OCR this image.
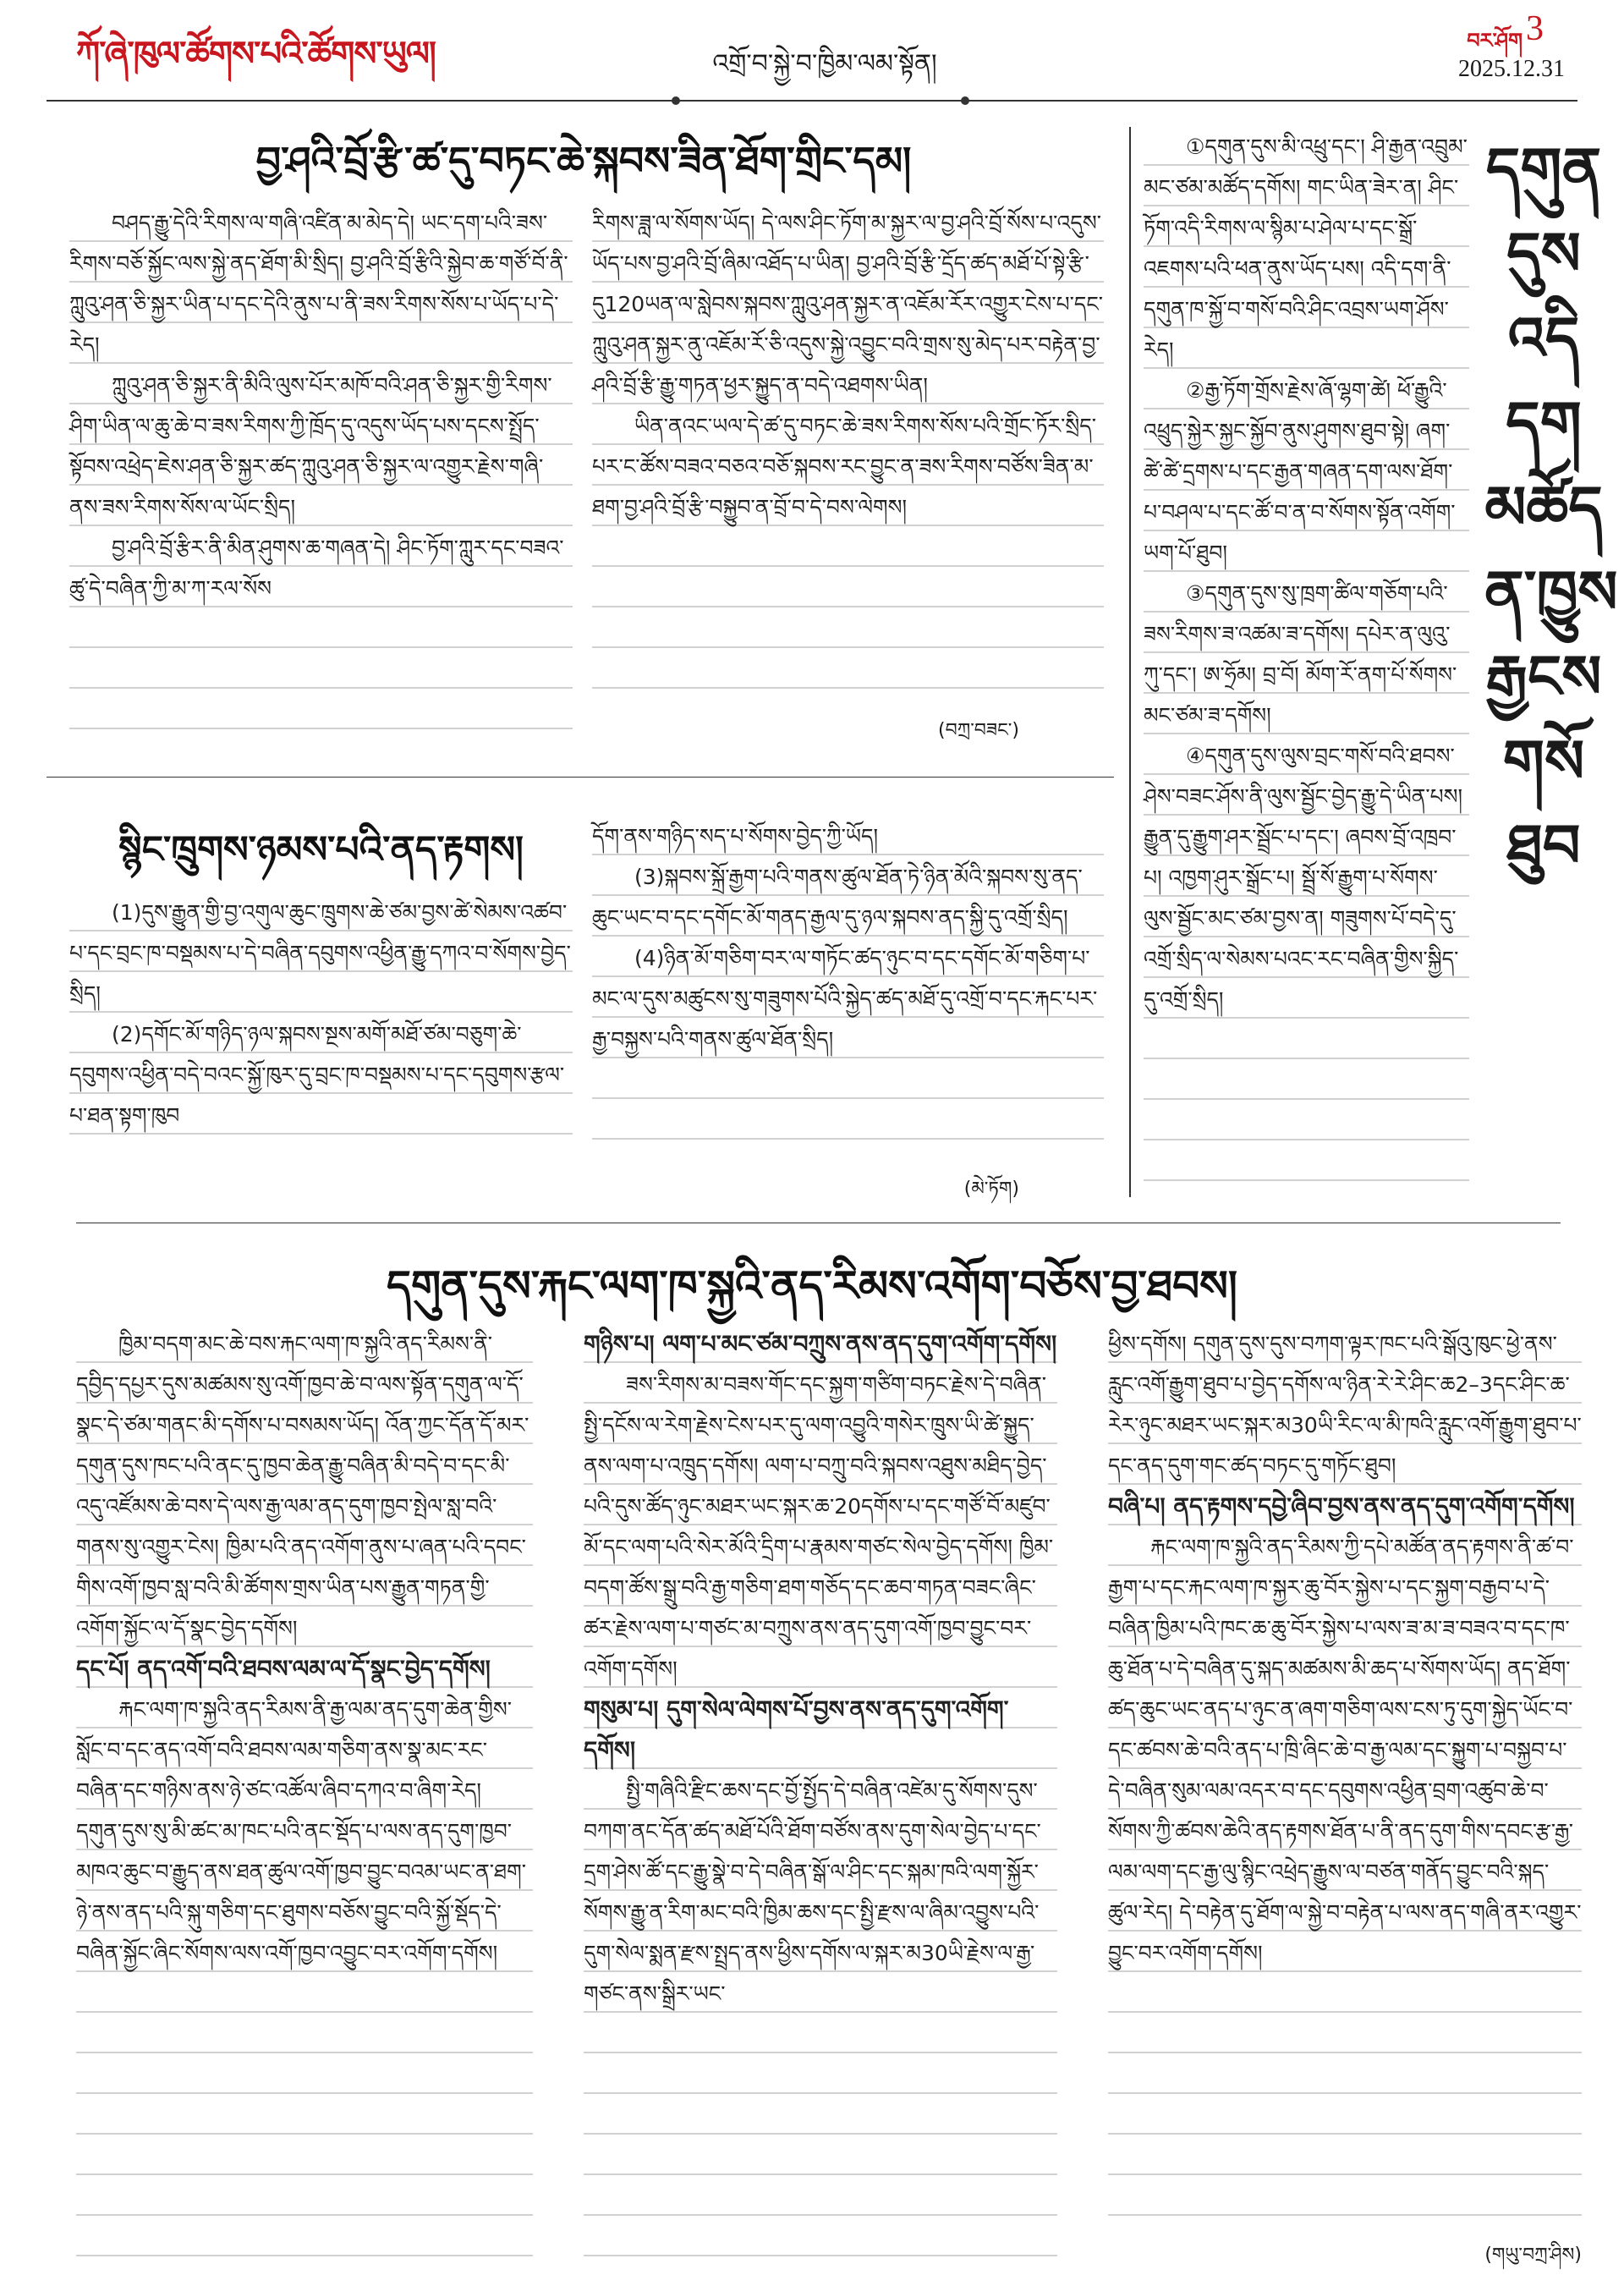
ཀོ་ཞེ་ཁུལ་ཚོགས་པའི་ཚོགས་ཡུལ།	འགྲོ་བ་སྐྱེ་བ་ཁྱིམ་ལམ་སྟོན།
བར་ཤོག 3
2025.12.31
བྱ་ཤའི་བྲོ་རྩི་ཚ་དུ་བཏང་ཆེ་སྐབས་ཟིན་ཐོག་གྲིང་དམ།

བཤད་རྒྱུ་དེའི་རིགས་ལ་གཞི་འཛིན་མ་མེད་དེ། ཡང་དག་པའི་ཟས་རིགས་བཅོ་སྐྱོང་ལས་སྐྱེ་ནད་ཐོག་མི་སྲིད། བྱ་ཤའི་བྲོ་རྩིའི་སྐྱེབ་ཆ་གཙོ་བོ་ནི་ཀླུའུ་ཤན་ཅི་སྐྱར་ཡིན་པ་དང་དེའི་ནུས་པ་ནི་ཟས་རིགས་སོས་པ་ཡོད་པ་དེ་རེད།

ཀླུའུ་ཤན་ཅི་སྐྱར་ནི་མིའི་ལུས་པོར་མཁོ་བའི་ཤན་ཅི་སྐྱར་གྱི་རིགས་ཤིག་ཡིན་ལ་ཆུ་ཆེ་བ་ཟས་རིགས་ཀྱི་ཁྲོད་དུ་འདུས་ཡོད་པས་དངས་སྤྲོད་སྟོབས་འཕྲེད་ཇེས་ཤན་ཅི་སྐྱར་ཚད་ཀླུའུ་ཤན་ཅི་སྐྱར་ལ་འགྱུར་རྗེས་གཞི་ནས་ཟས་རིགས་སོས་ལ་ཡོང་སྲིད།

བྱ་ཤའི་བྲོ་རྩིར་ནི་མིན་ཤུགས་ཆ་གཞན་དེ། ཤིང་ཏོག་ཀླུར་དང་བཟའ་ཚུ་དེ་བཞིན་ཀྱི་མ་ཀ་རལ་སོས

རིགས་ཟླ་ལ་སོགས་ཡོད། དེ་ལས་ཤིང་ཏོག་མ་སྐྱར་ལ་བྱ་ཤའི་བྲོ་སོས་པ་འདུས་ཡོད་པས་བྱ་ཤའི་བྲོ་ཞིམ་འཐོད་པ་ཡིན། བྱ་ཤའི་བྲོ་རྩི་དྲོད་ཚད་མཐོ་པོ་སྟེ་རྩི་དུ120ཡན་ལ་སླེབས་སྐབས་ཀླུའུ་ཤན་སྐྱར་ན་འཇོམ་རོར་འགྱུར་ངེས་པ་དང་ཀླུའུ་ཤན་སྐྱར་ནུ་འཇོམ་རོ་ཅི་འདུས་སྐྱེ་འབྱུང་བའི་གྲས་སུ་མེད་པར་བརྟེན་བྱ་ཤའི་བྲོ་རྩི་རྒྱུ་གཏན་ཕྱར་སྐྱུད་ན་བདེ་འཐགས་ཡིན།

ཡིན་ནའང་ཡལ་དེ་ཚ་དུ་བཏང་ཆེ་ཟས་རིགས་སོས་པའི་གྲོང་ཏོར་སྲིད་པར་ང་ཚོས་བཟའ་བཅའ་བཅོ་སྐབས་རང་བྱུང་ན་ཟས་རིགས་བཙོས་ཟིན་མ་ཐག་བྱ་ཤའི་བྲོ་རྩི་བསྐྱུབ་ན་བྲོ་བ་དེ་བས་ལེགས།

(བཀྲ་བཟང་)
སྙིང་ཁྲུགས་ཉམས་པའི་ནད་རྟགས།

(1)དུས་རྒྱུན་གྱི་བྱ་འགུལ་ཆུང་ཁྲུགས་ཆེ་ཙམ་བྱས་ཚེ་སེམས་འཚབ་པ་དང་བྲང་ཁ་བསྡམས་པ་དེ་བཞིན་དབུགས་འཕྱིན་རྒྱུ་དཀའ་བ་སོགས་བྱེད་སྲིད།

(2)དགོང་མོ་གཉིད་ཉལ་སྐབས་སྔས་མགོ་མཐོ་ཙམ་བཅུག་ཆེ་དབུགས་འཕྱིན་བདེ་བའང་སྐྱོ་ཁུར་དུ་བྲང་ཁ་བསྡམས་པ་དང་དབུགས་རྩལ་པ་ཐན་སྟག་ཁུབ

དོག་ནས་གཉིད་སད་པ་སོགས་བྱེད་ཀྱི་ཡོད།

(3)སྐབས་སྐྲོ་རྒྱག་པའི་གནས་ཚུལ་ཐོན་ཏེ་ཉིན་མོའི་སྐབས་སུ་ནད་ཆུང་ཡང་བ་དང་དགོང་མོ་གནད་རྒྱལ་དུ་ཉལ་སྐབས་ནད་སྐྱི་དུ་འགྲོ་སྲིད།

(4)ཉིན་མོ་གཅིག་བར་ལ་གཏོང་ཚད་ཉུང་བ་དང་དགོང་མོ་གཅིག་པ་མང་ལ་དུས་མཚུངས་སུ་གཟུགས་པོའི་སྐྱེད་ཚད་མཐོ་དུ་འགྲོ་བ་དང་རྐང་པར་རྒྱ་བསྐྱས་པའི་གནས་ཚུལ་ཐོན་སྲིད།

(མེ་ཏོག)

①དགུན་དུས་མི་འཕྲུ་དང་། ཤི་རྒྱན་འབྲུམ་མང་ཙམ་མཚོད་དགོས། གང་ཡིན་ཟེར་ན། ཤིང་ཏོག་འདི་རིགས་ལ་སྙིམ་པ་ཤེལ་པ་དང་སྒྲོ་འཇགས་པའི་ཕན་ནུས་ཡོད་པས། འདི་དག་ནི་དགུན་ཁ་སྐྱོ་བ་གསོ་བའི་ཤིང་འབྲས་ཡག་ཤོས་རེད།

②རྒྱ་ཏོག་གྲོས་རྗེས་ཞོ་ལྷག་ཚེ། ཕོ་རྒྱུའི་འཕྲུད་སྐྱེར་སྐྱང་སྐྱོབ་ནུས་ཤུགས་ཐུབ་སྟེ། ཞག་ཚེ་ཚེ་དྲགས་པ་དང་རྒྱན་གཞན་དག་ལས་ཐོག་པ་བཤལ་པ་དང་ཚོ་བ་ན་བ་སོགས་སྟོན་འགོག་ཡག་པོ་ཐུབ།

③དགུན་དུས་སུ་ཁྲག་ཚིལ་གཅོག་པའི་ཟས་རིགས་ཟ་འཚམ་ཟ་དགོས། དཔེར་ན་ལུའུ་ཀུ་དང་། ཨ་ཧྲོམ། བྲ་བོ། མོག་རོ་ནག་པོ་སོགས་མང་ཙམ་ཟ་དགོས།

④དགུན་དུས་ལུས་བྲང་གསོ་བའི་ཐབས་ཤེས་བཟང་ཤོས་ནི་ལུས་སྦྱོང་བྱེད་རྒྱུ་དེ་ཡིན་པས། རྒྱུན་དུ་རྒྱུག་ཤར་སྦྲོང་པ་དང་། ཞབས་བྲོ་འཁྲབ་པ། འཁྱག་ཤུར་སྒྲོང་པ། སྦྲོ་སོ་རྒྱུག་པ་སོགས་ལུས་སྦྱོང་མང་ཙམ་བྱས་ན། གཟུགས་པོ་བདེ་དུ་འགྲོ་སྲིད་ལ་སེམས་པའང་རང་བཞིན་གྱིས་སྐྱིད་དུ་འགྲོ་སྲིད།

དགུན
དུས
འདི
དག
མཚོད
ན་ཁྱུས
རྒྱངས
གསོ
ཐུབ
དགུན་དུས་རྐང་ལག་ཁ་སྐྱའི་ནད་རིམས་འགོག་བཅོས་བྱ་ཐབས།

ཁྱིམ་བདག་མང་ཆེ་བས་རྐང་ལག་ཁ་སྐྱའི་ནད་རིམས་ནི་དབྱིད་དཔྱར་དུས་མཚམས་སུ་འགོ་ཁྱབ་ཆེ་བ་ལས་སྟོན་དགུན་ལ་དོ་སྣང་དེ་ཙམ་གནང་མི་དགོས་པ་བསམས་ཡོད། འོན་ཀྱང་དོན་དོ་མར་དགུན་དུས་ཁང་པའི་ནང་དུ་ཁྱབ་ཆེན་རྒྱུ་བཞིན་མི་བདེ་བ་དང་མི་འདུ་འཛོམས་ཆེ་བས་དེ་ལས་རྒྱ་ལམ་ནད་དུག་ཁྱབ་སྤེལ་སླ་བའི་གནས་སུ་འགྱུར་ངེས། ཁྱིམ་པའི་ནད་འགོག་ནུས་པ་ཞན་པའི་དབང་གིས་འགོ་ཁྱབ་སླ་བའི་མི་ཚོགས་གྲས་ཡིན་པས་རྒྱུན་གཏན་གྱི་འགོག་སྐྱོང་ལ་དོ་སྣང་བྱེད་དགོས།

དང་པོ། ནད་འགོ་བའི་ཐབས་ལམ་ལ་དོ་སྣང་བྱེད་དགོས།

རྐང་ལག་ཁ་སྐྱའི་ནད་རིམས་ནི་རྒྱ་ལམ་ནད་དུག་ཆེན་གྱིས་སློང་བ་དང་ནད་འགོ་བའི་ཐབས་ལམ་གཅིག་ནས་སྣ་མང་རང་བཞིན་དང་གཉིས་ནས་ཉེ་ཙང་འཚོལ་ཞིབ་དཀའ་བ་ཞིག་རེད། དགུན་དུས་སུ་མི་ཚང་མ་ཁང་པའི་ནང་སྡོད་པ་ལས་ནད་དུག་ཁྱབ་མཁའ་ཆུང་བ་རྒྱུད་ནས་ཐན་ཚུལ་འགོ་ཁྱབ་བྱུང་བའམ་ཡང་ན་ཐག་ཉེ་ནས་ནད་པའི་སྐུ་གཅིག་དང་ཐུགས་བཅོས་བྱུང་བའི་སྐྱོ་སྡོད་དེ་བཞིན་སྐྱོང་ཞིང་སོགས་ལས་འགོ་ཁྱབ་འབྱུང་བར་འགོག་དགོས།

གཉིས་པ། ལག་པ་མང་ཙམ་བཀྲུས་ནས་ནད་དུག་འགོག་དགོས།

ཟས་རིགས་མ་བཟས་གོང་དང་སྐྱག་གཙིག་བཏང་རྗེས་དེ་བཞིན་སྤྱི་དངོས་ལ་རེག་རྗེས་ངེས་པར་དུ་ལག་འབྱུའི་གསེར་ཁྲུས་ཡི་ཚེ་སྐྱུད་ནས་ལག་པ་འཁྲུད་དགོས། ལག་པ་བཀྲུ་བའི་སྐབས་འཐུས་མཐིད་བྱེད་པའི་དུས་ཚོད་ཉུང་མཐར་ཡང་སྐར་ཆ་20དགོས་པ་དང་གཙོ་བོ་མཛུབ་མོ་དང་ལག་པའི་སེར་མོའི་དྲིག་པ་རྣམས་གཙང་སེལ་བྱེད་དགོས། ཁྱིམ་བདག་ཚོས་སྒྲུ་བའི་རྒྱ་གཅིག་ཐག་གཅོད་དང་ཆབ་གཏན་བཟང་ཞིང་ཚར་རྗེས་ལག་པ་གཙང་མ་བཀྲུས་ནས་ནད་དུག་འགོ་ཁྱབ་བྱུང་བར་འགོག་དགོས།

གསུམ་པ། དུག་སེལ་ལེགས་པོ་བྱས་ནས་ནད་དུག་འགོག་དགོས།

སྤྱི་གཞིའི་རྫིང་ཆས་དང་བྱོ་སྤྱོད་དེ་བཞིན་འཛེམ་དུ་སོགས་དུས་བཀག་ནང་དོན་ཚད་མཐོ་པོའི་ཐོག་བཙོས་ནས་དུག་སེལ་བྱེད་པ་དང་དྲག་ཤེས་ཚོ་དང་རྒྱུ་སྣེ་བ་དེ་བཞིན་སྒོ་ལ་ཤིང་དང་སྐམ་ཁའི་ལག་སྐྱོར་སོགས་རྒྱུ་ན་རིག་མང་བའི་ཁྱིམ་ཆས་དང་སྤྱི་རྫས་ལ་ཞིམ་འབྱུས་པའི་དུག་སེལ་སྨན་རྫས་སྤྲད་ནས་ཕྱིས་དགོས་ལ་སྐར་མ30ཡི་རྗེས་ལ་རྒྱ་གཙང་ནས་སྒྲིར་ཡང་

ཕྱིས་དགོས། དགུན་དུས་དུས་བཀག་ལྟར་ཁང་པའི་སྒོའུ་ཁུང་ཕྱེ་ནས་རླུང་འགོ་རྒྱུག་ཐུབ་པ་བྱེད་དགོས་ལ་ཉིན་རེ་རེ་ཤིང་ཆ2–3དང་ཤིང་ཆ་རེར་ཉུང་མཐར་ཡང་སྐར་མ30ཡི་རིང་ལ་མི་ཁའི་རླུང་འགོ་རྒྱུག་ཐུབ་པ་དང་ནད་དུག་གང་ཚད་བཏང་དུ་གཏོང་ཐུབ།

བཞི་པ། ནད་རྟགས་དབྱེ་ཞིབ་བྱས་ནས་ནད་དུག་འགོག་དགོས།

རྐང་ལག་ཁ་སྐྱའི་ནད་རིམས་ཀྱི་དཔེ་མཚོན་ནད་རྟགས་ནི་ཚ་བ་རྒྱག་པ་དང་རྐང་ལག་ཁ་སྐྱར་ཆུ་བོར་སྐྱེས་པ་དང་སྐྱག་བརྒྱབ་པ་དེ་བཞིན་ཁྱིམ་པའི་ཁང་ཆ་ཆུ་བོར་སྐྱེས་པ་ལས་ཟ་མ་ཟ་བཟའ་བ་དང་ཁ་ཆུ་ཐོན་པ་དེ་བཞིན་དུ་སྐད་མཚམས་མི་ཆད་པ་སོགས་ཡོད། ནད་ཐོག་ཚད་ཆུང་ཡང་ནད་པ་ཉུང་ན་ཞག་གཅིག་ལས་ངས་ཏུ་དུག་སྐྱེད་ཡོང་བ་དང་ཚབས་ཆེ་བའི་ནད་པ་ཁྲི་ཞིང་ཆེ་བ་རྒྱ་ལམ་དང་སྐྱུག་པ་བསྐྱབ་པ་དེ་བཞིན་སུམ་ལམ་འདར་བ་དང་དབུགས་འཕྱིན་བྲག་འཚུབ་ཆེ་བ་སོགས་ཀྱི་ཚབས་ཆེའི་ནད་རྟགས་ཐོན་པ་ནི་ནད་དུག་གིས་དབང་རྩ་རྒྱ་ལམ་ལག་དང་རྒྱ་ལུ་སྙིང་འཕྲེད་རྒྱུས་ལ་བཙན་གནོད་བྱུང་བའི་སྐད་ཚུལ་རེད། དེ་བརྟེན་དུ་ཐོག་ལ་སྐྱེ་བ་བརྟེན་པ་ལས་ནད་གཞི་ནར་འགྱུར་བྱུང་བར་འགོག་དགོས།

(གཡུ་བཀྲ་ཤིས)
